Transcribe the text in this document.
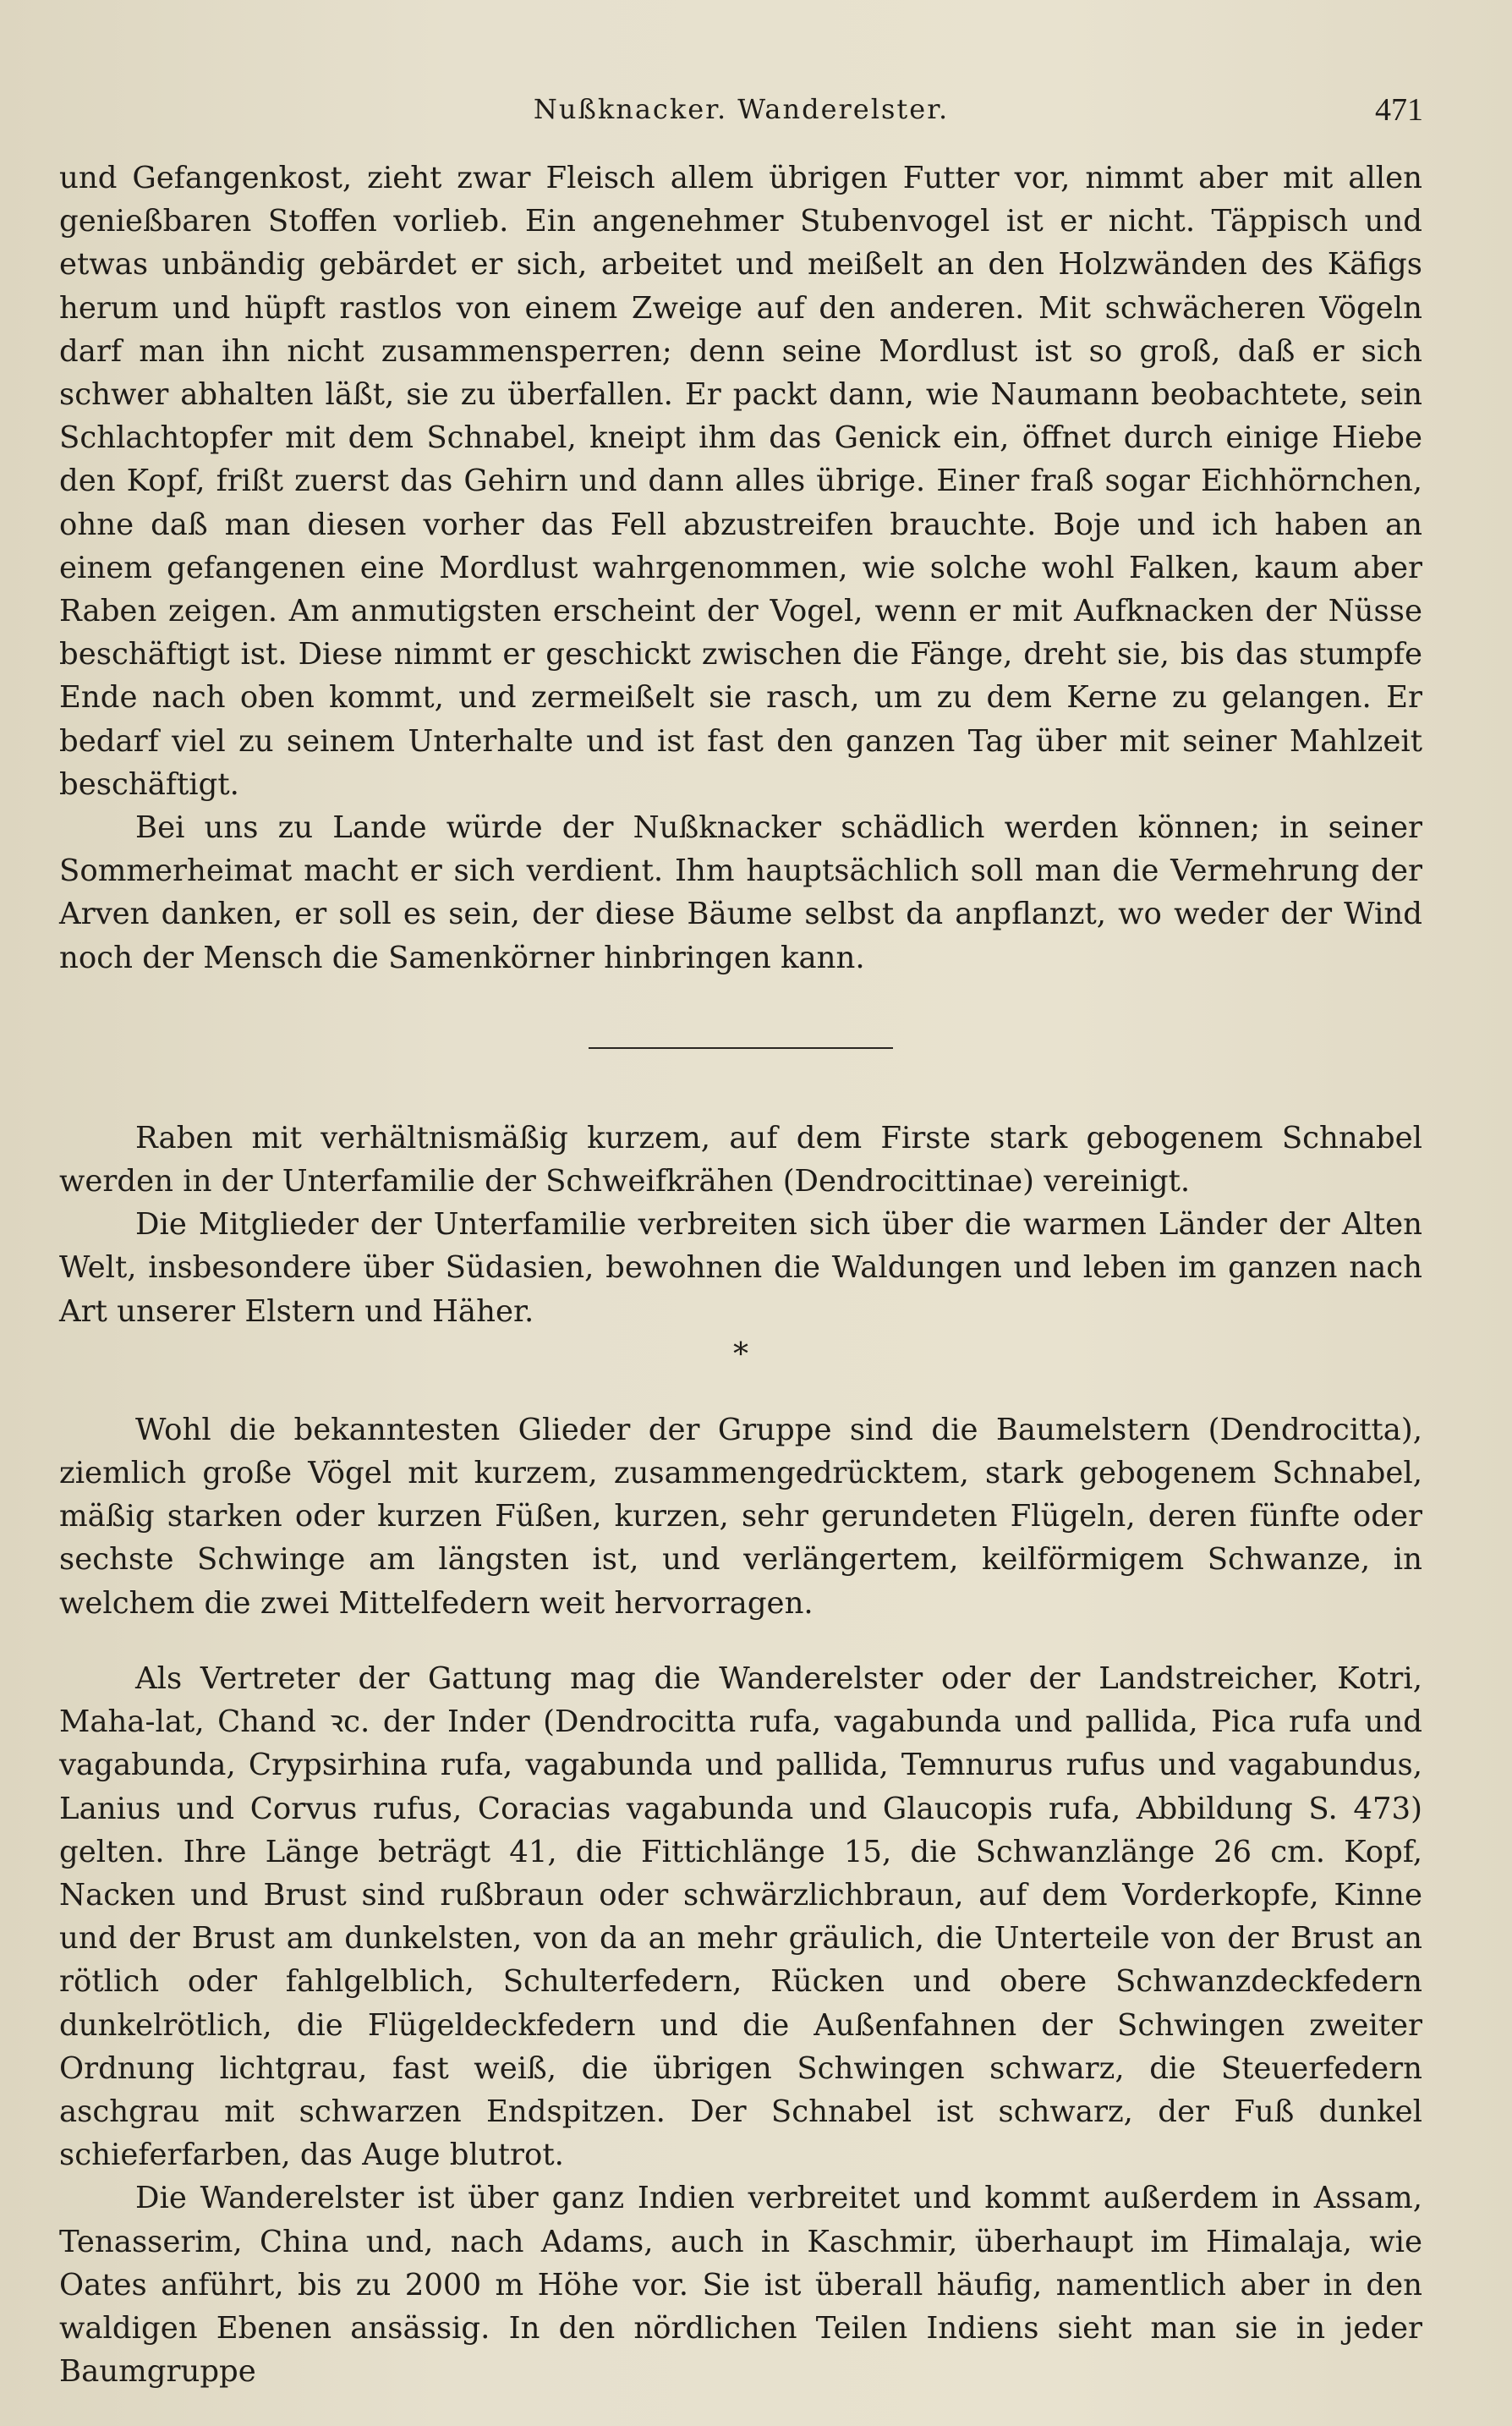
Nußknacker. Wanderelster.	471

und Gefangenkost, zieht zwar Fleisch allem übrigen Futter vor, nimmt aber mit allen genießbaren Stoffen vorlieb. Ein angenehmer Stubenvogel ist er nicht. Täppisch und etwas unbändig gebärdet er sich, arbeitet und meißelt an den Holzwänden des Käfigs herum und hüpft rastlos von einem Zweige auf den anderen. Mit schwächeren Vögeln darf man ihn nicht zusammensperren; denn seine Mordlust ist so groß, daß er sich schwer abhalten läßt, sie zu überfallen. Er packt dann, wie Naumann beobachtete, sein Schlachtopfer mit dem Schnabel, kneipt ihm das Genick ein, öffnet durch einige Hiebe den Kopf, frißt zuerst das Gehirn und dann alles übrige. Einer fraß sogar Eichhörnchen, ohne daß man diesen vorher das Fell abzustreifen brauchte. Boje und ich haben an einem gefangenen eine Mordlust wahrgenommen, wie solche wohl Falken, kaum aber Raben zeigen. Am anmutigsten erscheint der Vogel, wenn er mit Aufknacken der Nüsse beschäftigt ist. Diese nimmt er geschickt zwischen die Fänge, dreht sie, bis das stumpfe Ende nach oben kommt, und zermeißelt sie rasch, um zu dem Kerne zu gelangen. Er bedarf viel zu seinem Unterhalte und ist fast den ganzen Tag über mit seiner Mahlzeit beschäftigt.

Bei uns zu Lande würde der Nußknacker schädlich werden können; in seiner Sommerheimat macht er sich verdient. Ihm hauptsächlich soll man die Vermehrung der Arven danken, er soll es sein, der diese Bäume selbst da anpflanzt, wo weder der Wind noch der Mensch die Samenkörner hinbringen kann.

Raben mit verhältnismäßig kurzem, auf dem Firste stark gebogenem Schnabel werden in der Unterfamilie der Schweifkrähen (Dendrocittinae) vereinigt.

Die Mitglieder der Unterfamilie verbreiten sich über die warmen Länder der Alten Welt, insbesondere über Südasien, bewohnen die Waldungen und leben im ganzen nach Art unserer Elstern und Häher.

*

Wohl die bekanntesten Glieder der Gruppe sind die Baumelstern (Dendrocitta), ziemlich große Vögel mit kurzem, zusammengedrücktem, stark gebogenem Schnabel, mäßig starken oder kurzen Füßen, kurzen, sehr gerundeten Flügeln, deren fünfte oder sechste Schwinge am längsten ist, und verlängertem, keilförmigem Schwanze, in welchem die zwei Mittelfedern weit hervorragen.

Als Vertreter der Gattung mag die Wanderelster oder der Landstreicher, Kotri, Maha-lat, Chand ꝛc. der Inder (Dendrocitta rufa, vagabunda und pallida, Pica rufa und vagabunda, Crypsirhina rufa, vagabunda und pallida, Temnurus rufus und vagabundus, Lanius und Corvus rufus, Coracias vagabunda und Glaucopis rufa, Abbildung S. 473) gelten. Ihre Länge beträgt 41, die Fittichlänge 15, die Schwanzlänge 26 cm. Kopf, Nacken und Brust sind rußbraun oder schwärzlichbraun, auf dem Vorderkopfe, Kinne und der Brust am dunkelsten, von da an mehr gräulich, die Unterteile von der Brust an rötlich oder fahlgelblich, Schulterfedern, Rücken und obere Schwanzdeckfedern dunkelrötlich, die Flügeldeckfedern und die Außenfahnen der Schwingen zweiter Ordnung lichtgrau, fast weiß, die übrigen Schwingen schwarz, die Steuerfedern aschgrau mit schwarzen Endspitzen. Der Schnabel ist schwarz, der Fuß dunkel schieferfarben, das Auge blutrot.

Die Wanderelster ist über ganz Indien verbreitet und kommt außerdem in Assam, Tenasserim, China und, nach Adams, auch in Kaschmir, überhaupt im Himalaja, wie Oates anführt, bis zu 2000 m Höhe vor. Sie ist überall häufig, namentlich aber in den waldigen Ebenen ansässig. In den nördlichen Teilen Indiens sieht man sie in jeder Baumgruppe
